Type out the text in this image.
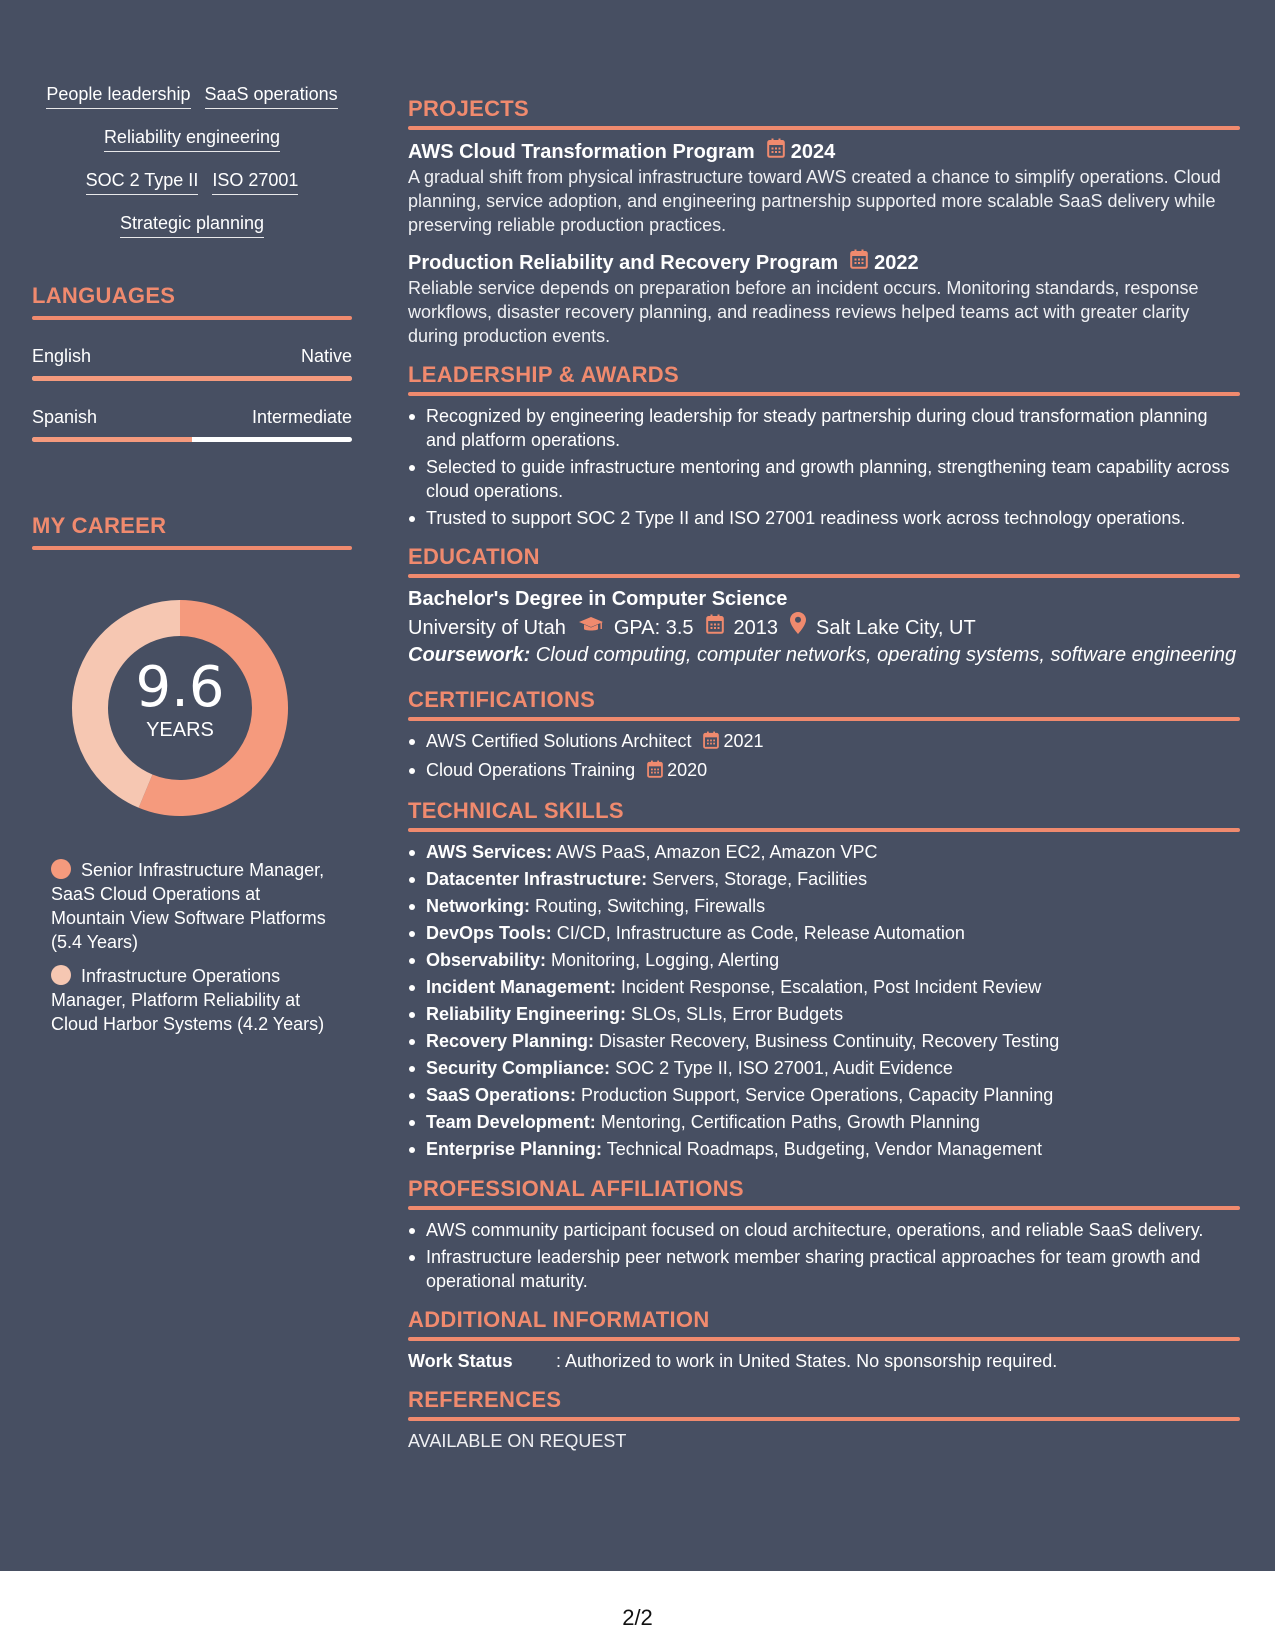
People leadership SaaS operations
Reliability engineering
SOC 2 Type II ISO 27001
Strategic planning
LANGUAGES
English	Native
Spanish	Intermediate
MY CAREER
9.6
YEARS
Senior Infrastructure Manager, SaaS Cloud Operations at Mountain View Software Platforms (5.4 Years)
Infrastructure Operations Manager, Platform Reliability at Cloud Harbor Systems (4.2 Years)
PROJECTS
AWS Cloud Transformation Program 2024
A gradual shift from physical infrastructure toward AWS created a chance to simplify operations. Cloud planning, service adoption, and engineering partnership supported more scalable SaaS delivery while preserving reliable production practices.
Production Reliability and Recovery Program 2022
Reliable service depends on preparation before an incident occurs. Monitoring standards, response workflows, disaster recovery planning, and readiness reviews helped teams act with greater clarity during production events.
LEADERSHIP & AWARDS
Recognized by engineering leadership for steady partnership during cloud transformation planning and platform operations.
Selected to guide infrastructure mentoring and growth planning, strengthening team capability across cloud operations.
Trusted to support SOC 2 Type II and ISO 27001 readiness work across technology operations.
EDUCATION
Bachelor's Degree in Computer Science
University of Utah GPA: 3.5 2013 Salt Lake City, UT
Coursework: Cloud computing, computer networks, operating systems, software engineering
CERTIFICATIONS
AWS Certified Solutions Architect 2021
Cloud Operations Training 2020
TECHNICAL SKILLS
AWS Services: AWS PaaS, Amazon EC2, Amazon VPC
Datacenter Infrastructure: Servers, Storage, Facilities
Networking: Routing, Switching, Firewalls
DevOps Tools: CI/CD, Infrastructure as Code, Release Automation
Observability: Monitoring, Logging, Alerting
Incident Management: Incident Response, Escalation, Post Incident Review
Reliability Engineering: SLOs, SLIs, Error Budgets
Recovery Planning: Disaster Recovery, Business Continuity, Recovery Testing
Security Compliance: SOC 2 Type II, ISO 27001, Audit Evidence
SaaS Operations: Production Support, Service Operations, Capacity Planning
Team Development: Mentoring, Certification Paths, Growth Planning
Enterprise Planning: Technical Roadmaps, Budgeting, Vendor Management
PROFESSIONAL AFFILIATIONS
AWS community participant focused on cloud architecture, operations, and reliable SaaS delivery.
Infrastructure leadership peer network member sharing practical approaches for team growth and operational maturity.
ADDITIONAL INFORMATION
Work Status	: Authorized to work in United States. No sponsorship required.
REFERENCES
AVAILABLE ON REQUEST
2/2
